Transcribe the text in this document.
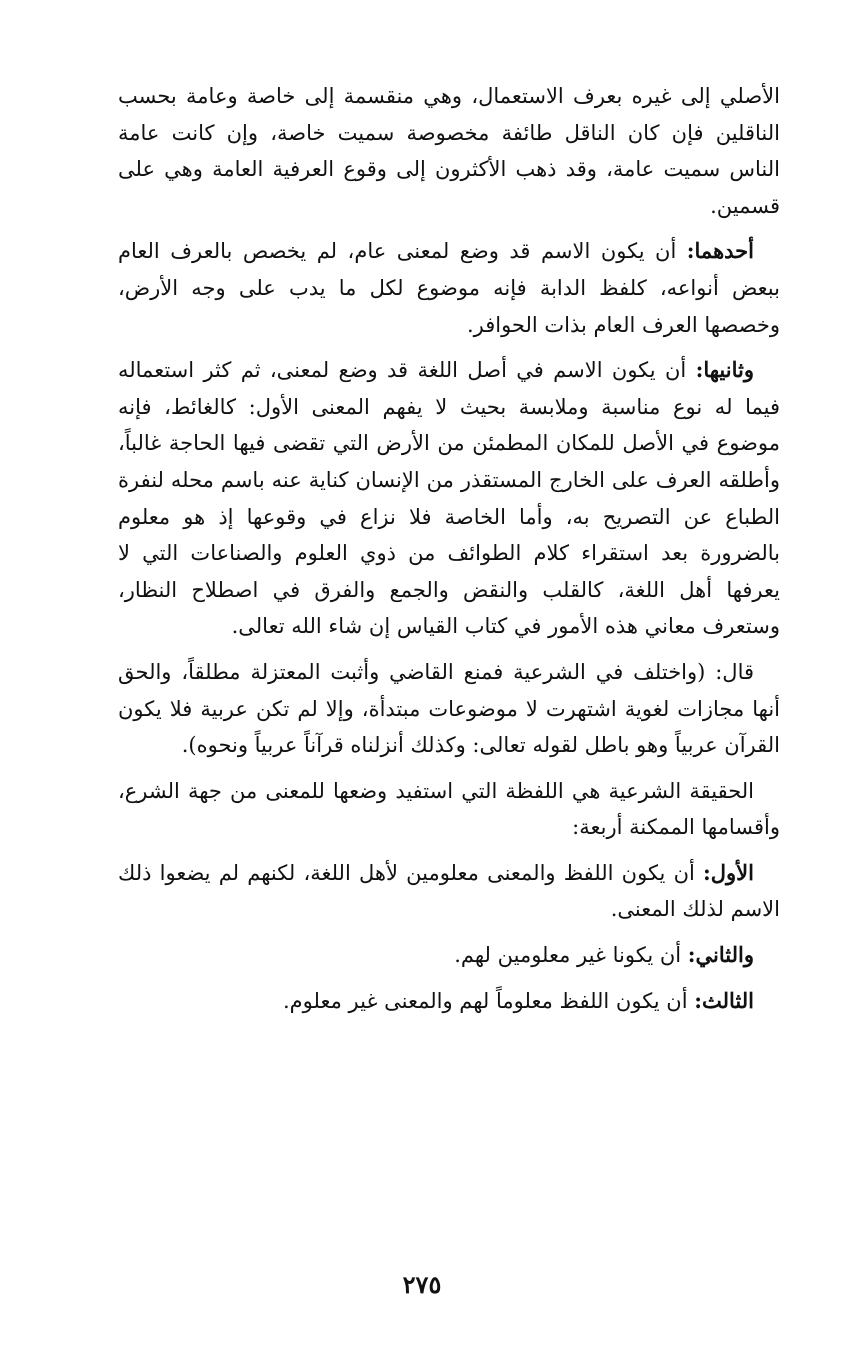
الأصلي إلى غيره بعرف الاستعمال، وهي منقسمة إلى خاصة وعامة بحسب الناقلين فإن كان الناقل طائفة مخصوصة سميت خاصة، وإن كانت عامة الناس سميت عامة، وقد ذهب الأكثرون إلى وقوع العرفية العامة وهي على قسمين.

أحدهما: أن يكون الاسم قد وضع لمعنى عام، لم يخصص بالعرف العام ببعض أنواعه، كلفظ الدابة فإنه موضوع لكل ما يدب على وجه الأرض، وخصصها العرف العام بذات الحوافر.

وثانيها: أن يكون الاسم في أصل اللغة قد وضع لمعنى، ثم كثر استعماله فيما له نوع مناسبة وملابسة بحيث لا يفهم المعنى الأول: كالغائط، فإنه موضوع في الأصل للمكان المطمئن من الأرض التي تقضى فيها الحاجة غالباً، وأطلقه العرف على الخارج المستقذر من الإنسان كناية عنه باسم محله لنفرة الطباع عن التصريح به، وأما الخاصة فلا نزاع في وقوعها إذ هو معلوم بالضرورة بعد استقراء كلام الطوائف من ذوي العلوم والصناعات التي لا يعرفها أهل اللغة، كالقلب والنقض والجمع والفرق في اصطلاح النظار، وستعرف معاني هذه الأمور في كتاب القياس إن شاء الله تعالى.

قال: (واختلف في الشرعية فمنع القاضي وأثبت المعتزلة مطلقاً، والحق أنها مجازات لغوية اشتهرت لا موضوعات مبتدأة، وإلا لم تكن عربية فلا يكون القرآن عربياً وهو باطل لقوله تعالى: وكذلك أنزلناه قرآناً عربياً ونحوه).

الحقيقة الشرعية هي اللفظة التي استفيد وضعها للمعنى من جهة الشرع، وأقسامها الممكنة أربعة:

الأول: أن يكون اللفظ والمعنى معلومين لأهل اللغة، لكنهم لم يضعوا ذلك الاسم لذلك المعنى.

والثاني: أن يكونا غير معلومين لهم.

الثالث: أن يكون اللفظ معلوماً لهم والمعنى غير معلوم.

٢٧٥
